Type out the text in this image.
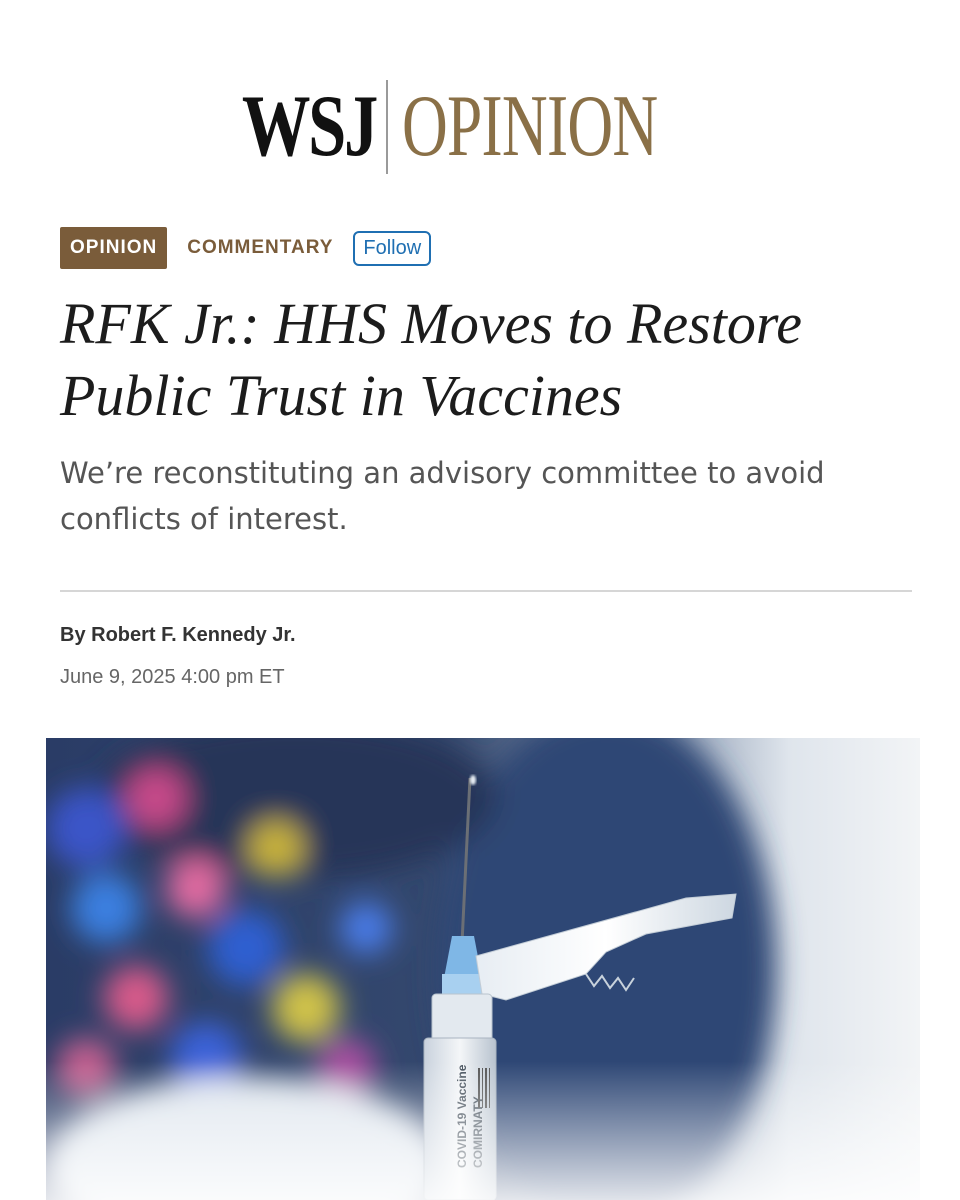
WSJ OPINION
OPINION	COMMENTARY	Follow
RFK Jr.: HHS Moves to Restore
Public Trust in Vaccines

We’re reconstituting an advisory committee to avoid
conflicts of interest.

By Robert F. Kennedy Jr.
June 9, 2025 4:00 pm ET
